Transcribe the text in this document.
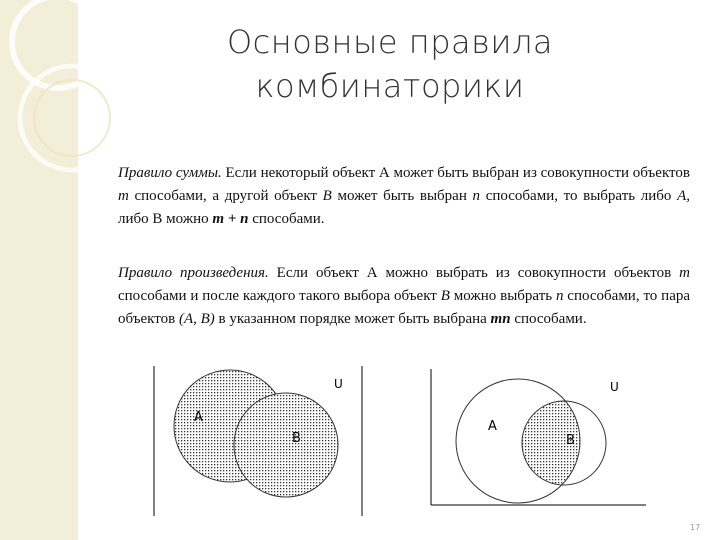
Основные правила
комбинаторики
Правило суммы. Если некоторый объект А может быть выбран из совокупности объектов m способами, а другой объект B может быть выбран n способами, то выбрать либо A, либо В можно m + n способами.
Правило произведения. Если объект А можно выбрать из совокупности объектов m способами и после каждого такого выбора объект B можно выбрать n способами, то пара объектов (A, B) в указанном порядке может быть выбрана mn способами.
U
A
B
U
A
B
17
